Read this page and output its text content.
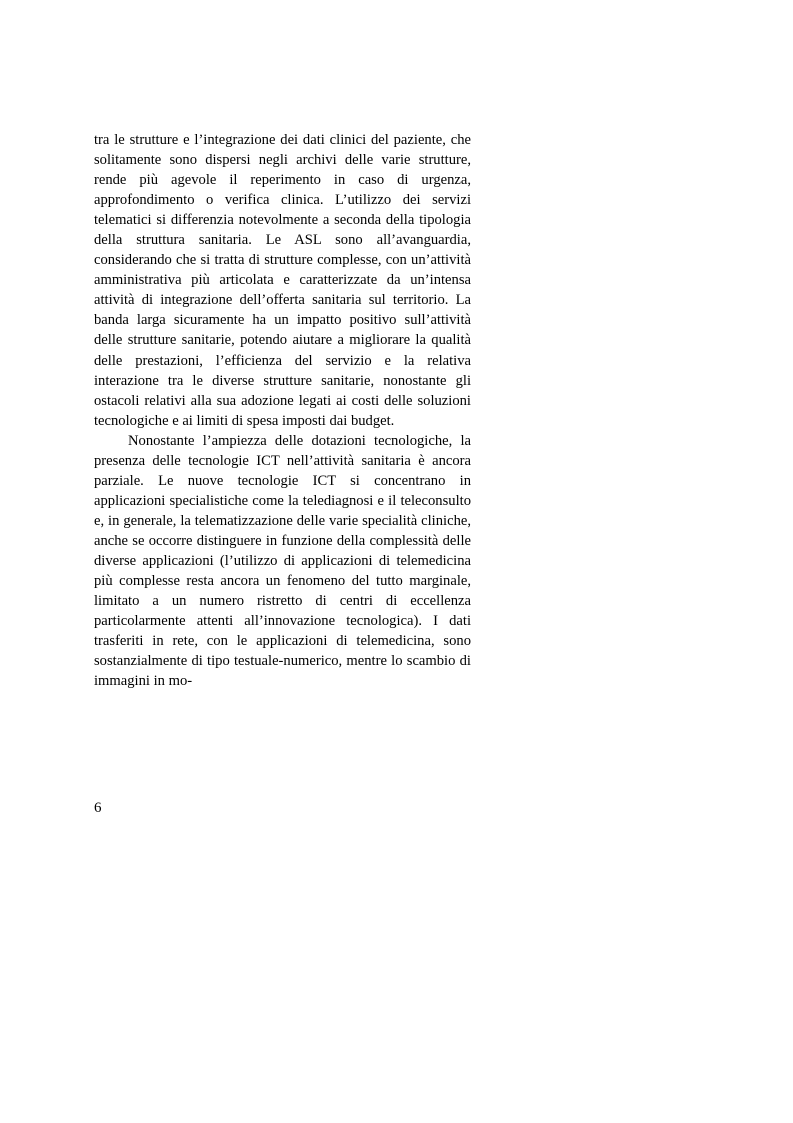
tra le strutture e l’integrazione dei dati clinici del paziente, che solitamente sono dispersi negli archivi delle varie strutture, rende più agevole il reperimento in caso di urgenza, approfondimento o verifica clinica. L’utilizzo dei servizi telematici si differenzia notevolmente a seconda della tipologia della struttura sanitaria. Le ASL sono all’avanguardia, considerando che si tratta di strutture complesse, con un’attività amministrativa più articolata e caratterizzate da un’intensa attività di integrazione dell’offerta sanitaria sul territorio. La banda larga sicuramente ha un impatto positivo sull’attività delle strutture sanitarie, potendo aiutare a migliorare la qualità delle prestazioni, l’efficienza del servizio e la relativa interazione tra le diverse strutture sanitarie, nonostante gli ostacoli relativi alla sua adozione legati ai costi delle soluzioni tecnologiche e ai limiti di spesa imposti dai budget.

Nonostante l’ampiezza delle dotazioni tecnologiche, la presenza delle tecnologie ICT nell’attività sanitaria è ancora parziale. Le nuove tecnologie ICT si concentrano in applicazioni specialistiche come la telediagnosi e il teleconsulto e, in generale, la telematizzazione delle varie specialità cliniche, anche se occorre distinguere in funzione della complessità delle diverse applicazioni (l’utilizzo di applicazioni di telemedicina più complesse resta ancora un fenomeno del tutto marginale, limitato a un numero ristretto di centri di eccellenza particolarmente attenti all’innovazione tecnologica). I dati trasferiti in rete, con le applicazioni di telemedicina, sono sostanzialmente di tipo testuale-numerico, mentre lo scambio di immagini in mo-

6
